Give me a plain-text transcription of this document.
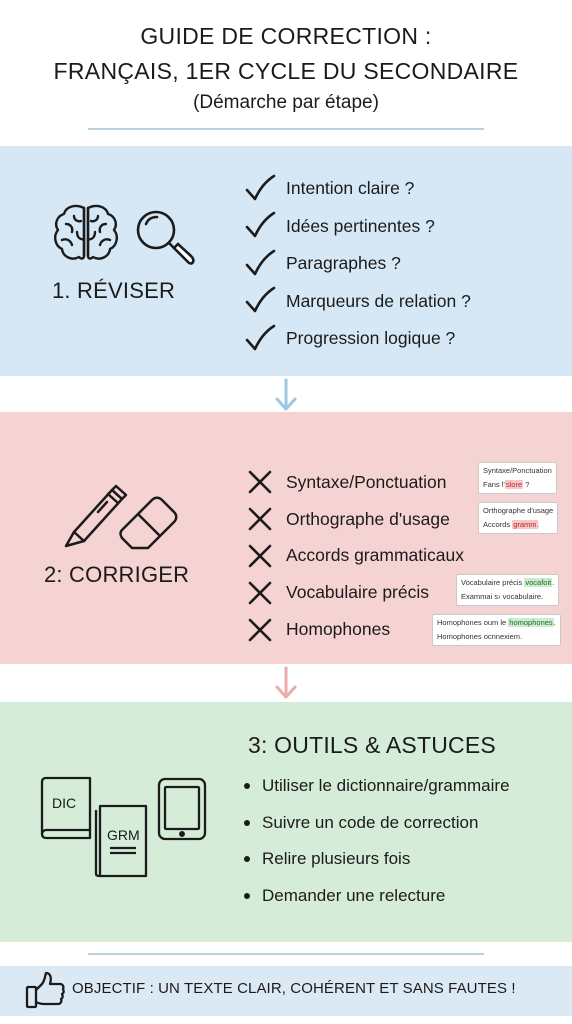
GUIDE DE CORRECTION :
FRANÇAIS, 1ER CYCLE DU SECONDAIRE
(Démarche par étape)
1. RÉVISER
Intention claire ?
Idées pertinentes ?
Paragraphes ?
Marqueurs de relation ?
Progression logique ?
2: CORRIGER
Syntaxe/Ponctuation
Orthographe d'usage
Accords grammaticaux
Vocabulaire précis
Homophones
Syntaxe/Ponctuation
Fans l'slore ?
Orthographe d'usage
Accords gramm.
Vocabulaire précis vocafoit.
Exammai s› vocabulaire.
Homophones oum le homophones.
Homophones ocnnexiem.
3: OUTILS & ASTUCES
DIC
GRM
Utiliser le dictionnaire/grammaire
Suivre un code de correction
Relire plusieurs fois
Demander une relecture
OBJECTIF : UN TEXTE CLAIR, COHÉRENT ET SANS FAUTES !
